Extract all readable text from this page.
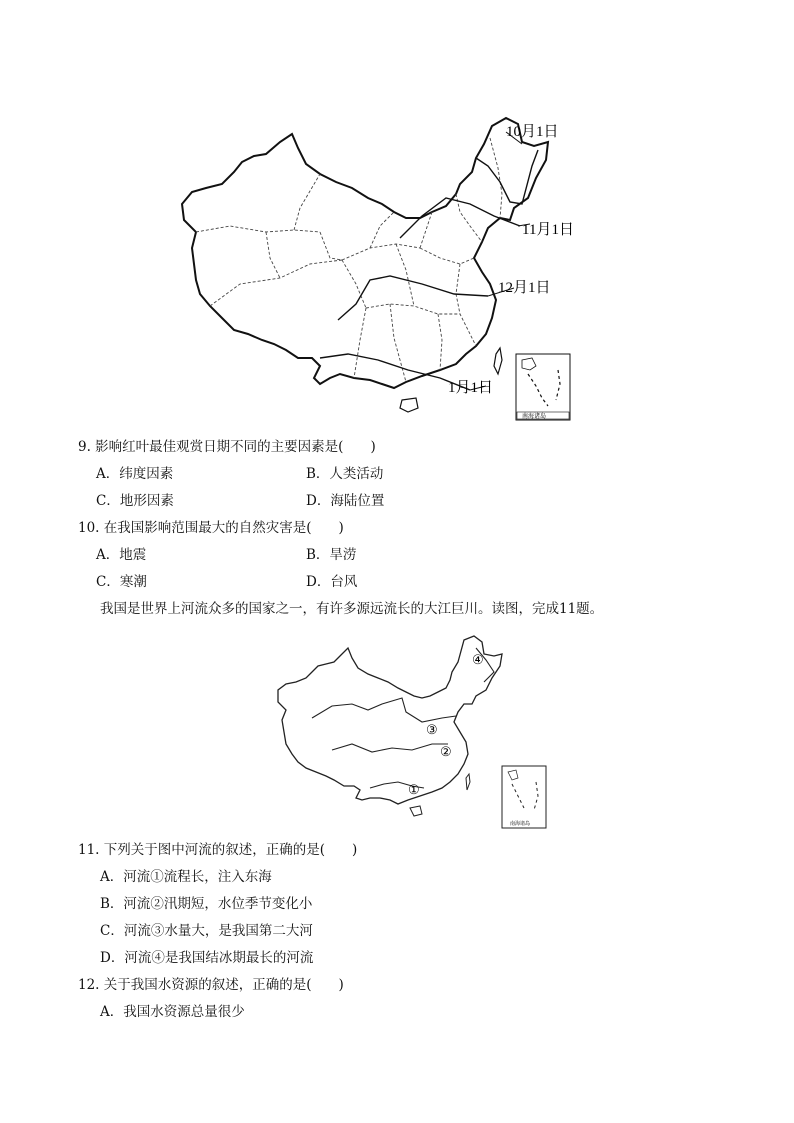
10月1日
11月1日
12月1日
1月1日
南海诸岛
9. 影响红叶最佳观赏日期不同的主要因素是(　　)
A．纬度因素	B．人类活动
C．地形因素	D．海陆位置
10. 在我国影响范围最大的自然灾害是(　　)
A．地震	B．旱涝
C．寒潮	D．台风
我国是世界上河流众多的国家之一，有许多源远流长的大江巨川。读图，完成11题。
④
③
②
①
南海诸岛
11. 下列关于图中河流的叙述，正确的是(　　)
A．河流①流程长，注入东海
B．河流②汛期短，水位季节变化小
C．河流③水量大，是我国第二大河
D．河流④是我国结冰期最长的河流
12. 关于我国水资源的叙述，正确的是(　　)
A．我国水资源总量很少
